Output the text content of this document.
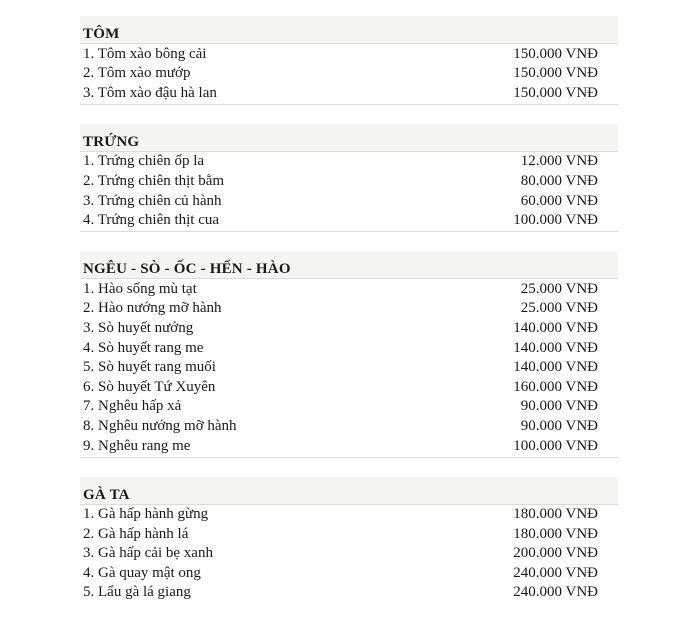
TÔM
1. Tôm xào bông cải	150.000 VNĐ
2. Tôm xào mướp	150.000 VNĐ
3. Tôm xào đậu hà lan	150.000 VNĐ
TRỨNG
1. Trứng chiên ốp la	12.000 VNĐ
2. Trứng chiên thịt bằm	80.000 VNĐ
3. Trứng chiên củ hành	60.000 VNĐ
4. Trứng chiên thịt cua	100.000 VNĐ
NGÊU - SÒ - ỐC - HẾN - HÀO
1. Hào sống mù tạt	25.000 VNĐ
2. Hào nướng mỡ hành	25.000 VNĐ
3. Sò huyết nướng	140.000 VNĐ
4. Sò huyết rang me	140.000 VNĐ
5. Sò huyết rang muối	140.000 VNĐ
6. Sò huyết Tứ Xuyên	160.000 VNĐ
7. Nghêu hấp xả	90.000 VNĐ
8. Nghêu nướng mỡ hành	90.000 VNĐ
9. Nghêu rang me	100.000 VNĐ
GÀ TA
1. Gà hấp hành gừng	180.000 VNĐ
2. Gà hấp hành lá	180.000 VNĐ
3. Gà hấp cải bẹ xanh	200.000 VNĐ
4. Gà quay mật ong	240.000 VNĐ
5. Lẩu gà lá giang	240.000 VNĐ
